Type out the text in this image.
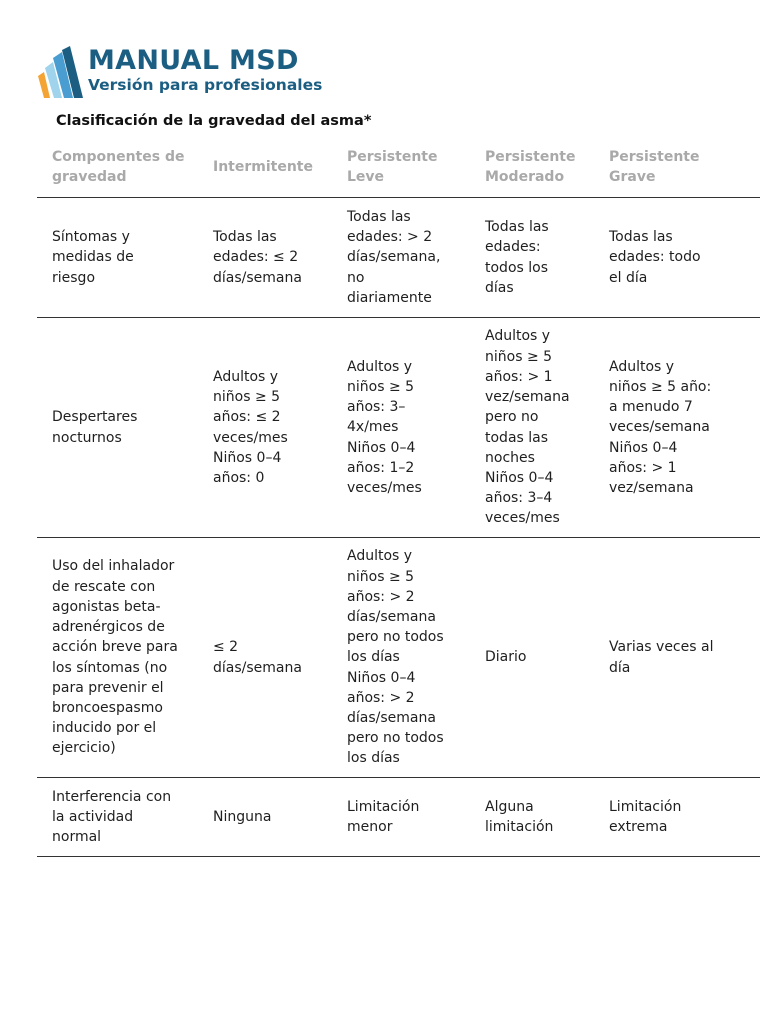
MANUAL MSD
Versión para profesionales
Clasificación de la gravedad del asma*
Componentes de
gravedad
Intermitente
Persistente
Leve
Persistente
Moderado
Persistente
Grave
Síntomas y
medidas de
riesgo
Todas las
edades: ≤ 2
días/semana
Todas las
edades: > 2
días/semana,
no
diariamente
Todas las
edades:
todos los
días
Todas las
edades: todo
el día
Despertares
nocturnos
Adultos y
niños ≥ 5
años: ≤ 2
veces/mes
Niños 0–4
años: 0
Adultos y
niños ≥ 5
años: 3–
4x/mes
Niños 0–4
años: 1–2
veces/mes
Adultos y
niños ≥ 5
años: > 1
vez/semana
pero no
todas las
noches
Niños 0–4
años: 3–4
veces/mes
Adultos y
niños ≥ 5 año:
a menudo 7
veces/semana
Niños 0–4
años: > 1
vez/semana
Uso del inhalador
de rescate con
agonistas beta-
adrenérgicos de
acción breve para
los síntomas (no
para prevenir el
broncoespasmo
inducido por el
ejercicio)
≤ 2
días/semana
Adultos y
niños ≥ 5
años: > 2
días/semana
pero no todos
los días
Niños 0–4
años: > 2
días/semana
pero no todos
los días
Diario
Varias veces al
día
Interferencia con
la actividad
normal
Ninguna
Limitación
menor
Alguna
limitación
Limitación
extrema
